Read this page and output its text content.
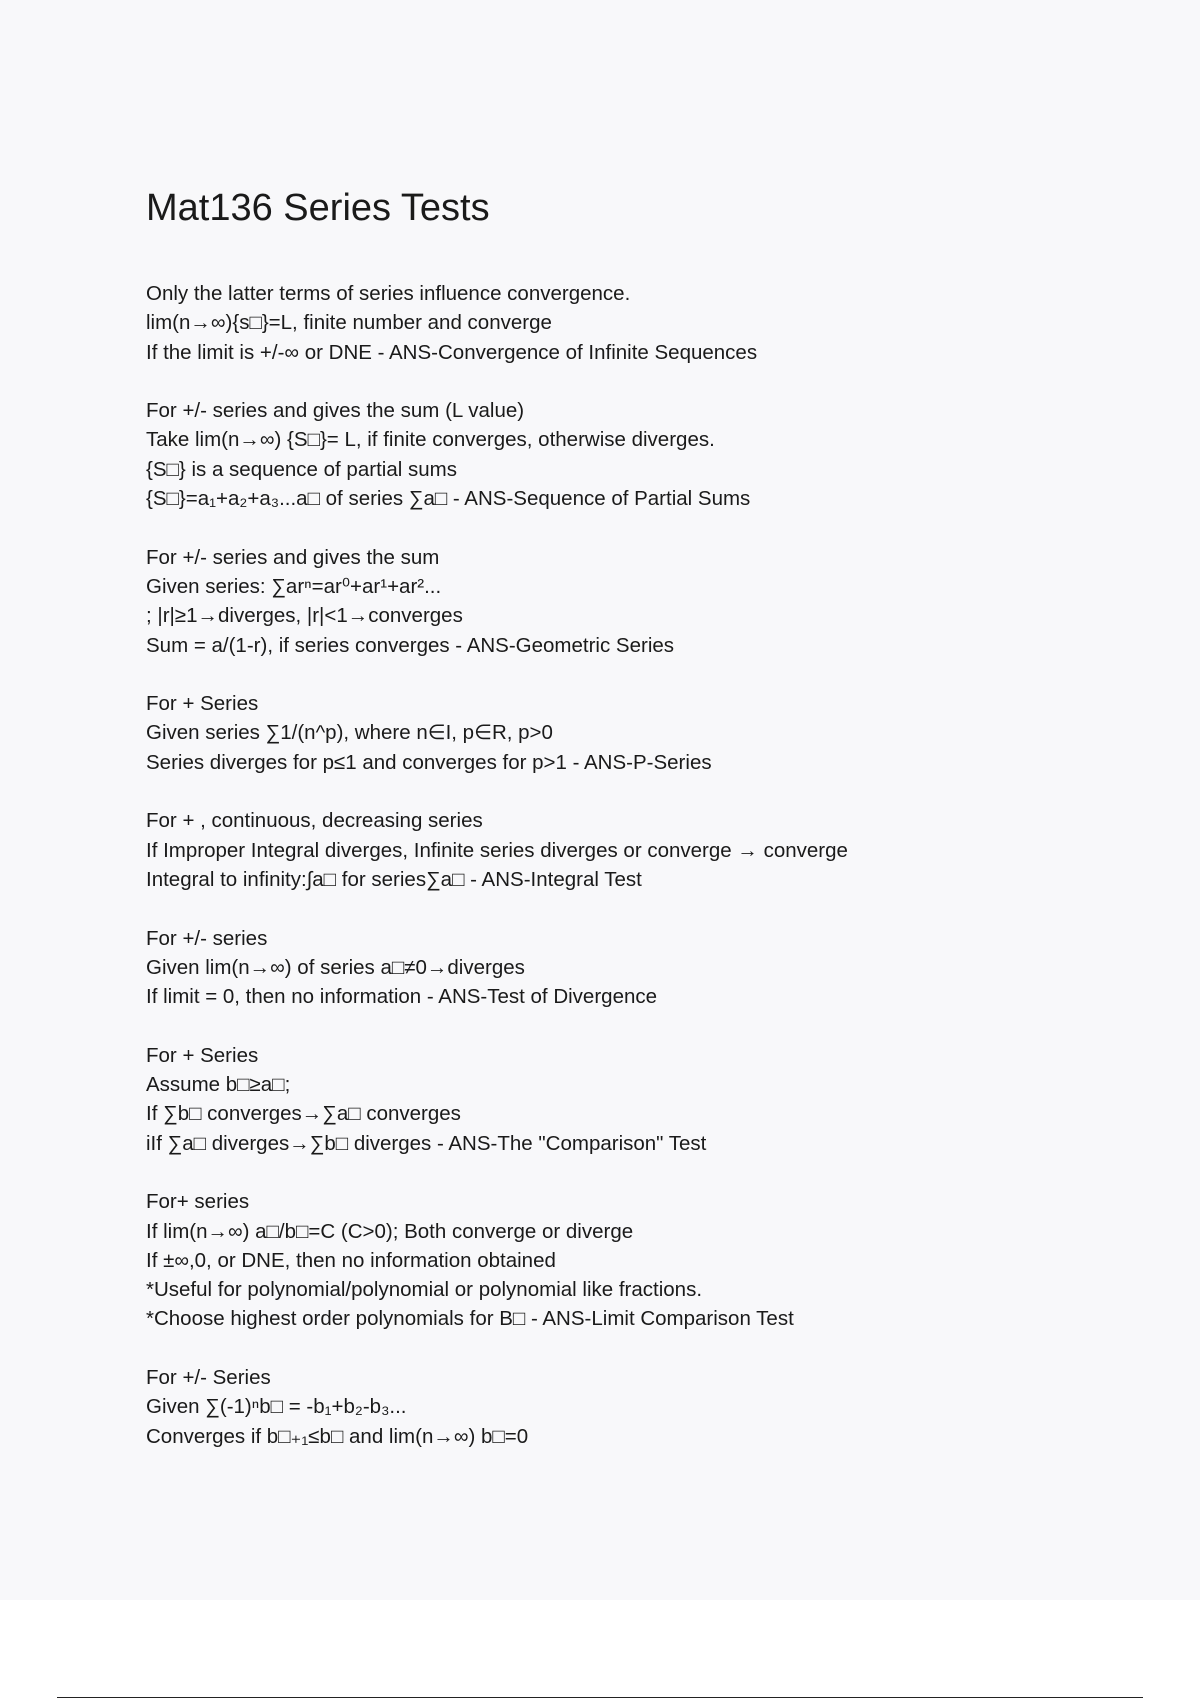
Mat136 Series Tests
Only the latter terms of series influence convergence.
lim(n→∞){s□}=L, finite number and converge
If the limit is +/-∞ or DNE - ANS-Convergence of Infinite Sequences
For +/- series and gives the sum (L value)
Take lim(n→∞) {S□}= L, if finite converges, otherwise diverges.
{S□} is a sequence of partial sums
{S□}=a₁+a₂+a₃...a□ of series ∑a□ - ANS-Sequence of Partial Sums
For +/- series and gives the sum
Given series: ∑arⁿ=ar⁰+ar¹+ar²...
; |r|≥1→diverges, |r|<1→converges
Sum = a/(1-r), if series converges - ANS-Geometric Series
For + Series
Given series ∑1/(n^p), where n∈I, p∈R, p>0
Series diverges for p≤1 and converges for p>1 - ANS-P-Series
For + , continuous, decreasing series
If Improper Integral diverges, Infinite series diverges or converge → converge
Integral to infinity:∫a□ for series∑a□ - ANS-Integral Test
For +/- series
Given lim(n→∞) of series a□≠0→diverges
If limit = 0, then no information - ANS-Test of Divergence
For + Series
Assume b□≥a□;
If ∑b□ converges→∑a□ converges
iIf ∑a□ diverges→∑b□ diverges - ANS-The "Comparison" Test
For+ series
If lim(n→∞) a□/b□=C (C>0); Both converge or diverge
If ±∞,0, or DNE, then no information obtained
*Useful for polynomial/polynomial or polynomial like fractions.
*Choose highest order polynomials for B□ - ANS-Limit Comparison Test
For +/- Series
Given ∑(-1)ⁿb□ = -b₁+b₂-b₃...
Converges if b□₊₁≤b□ and lim(n→∞) b□=0
